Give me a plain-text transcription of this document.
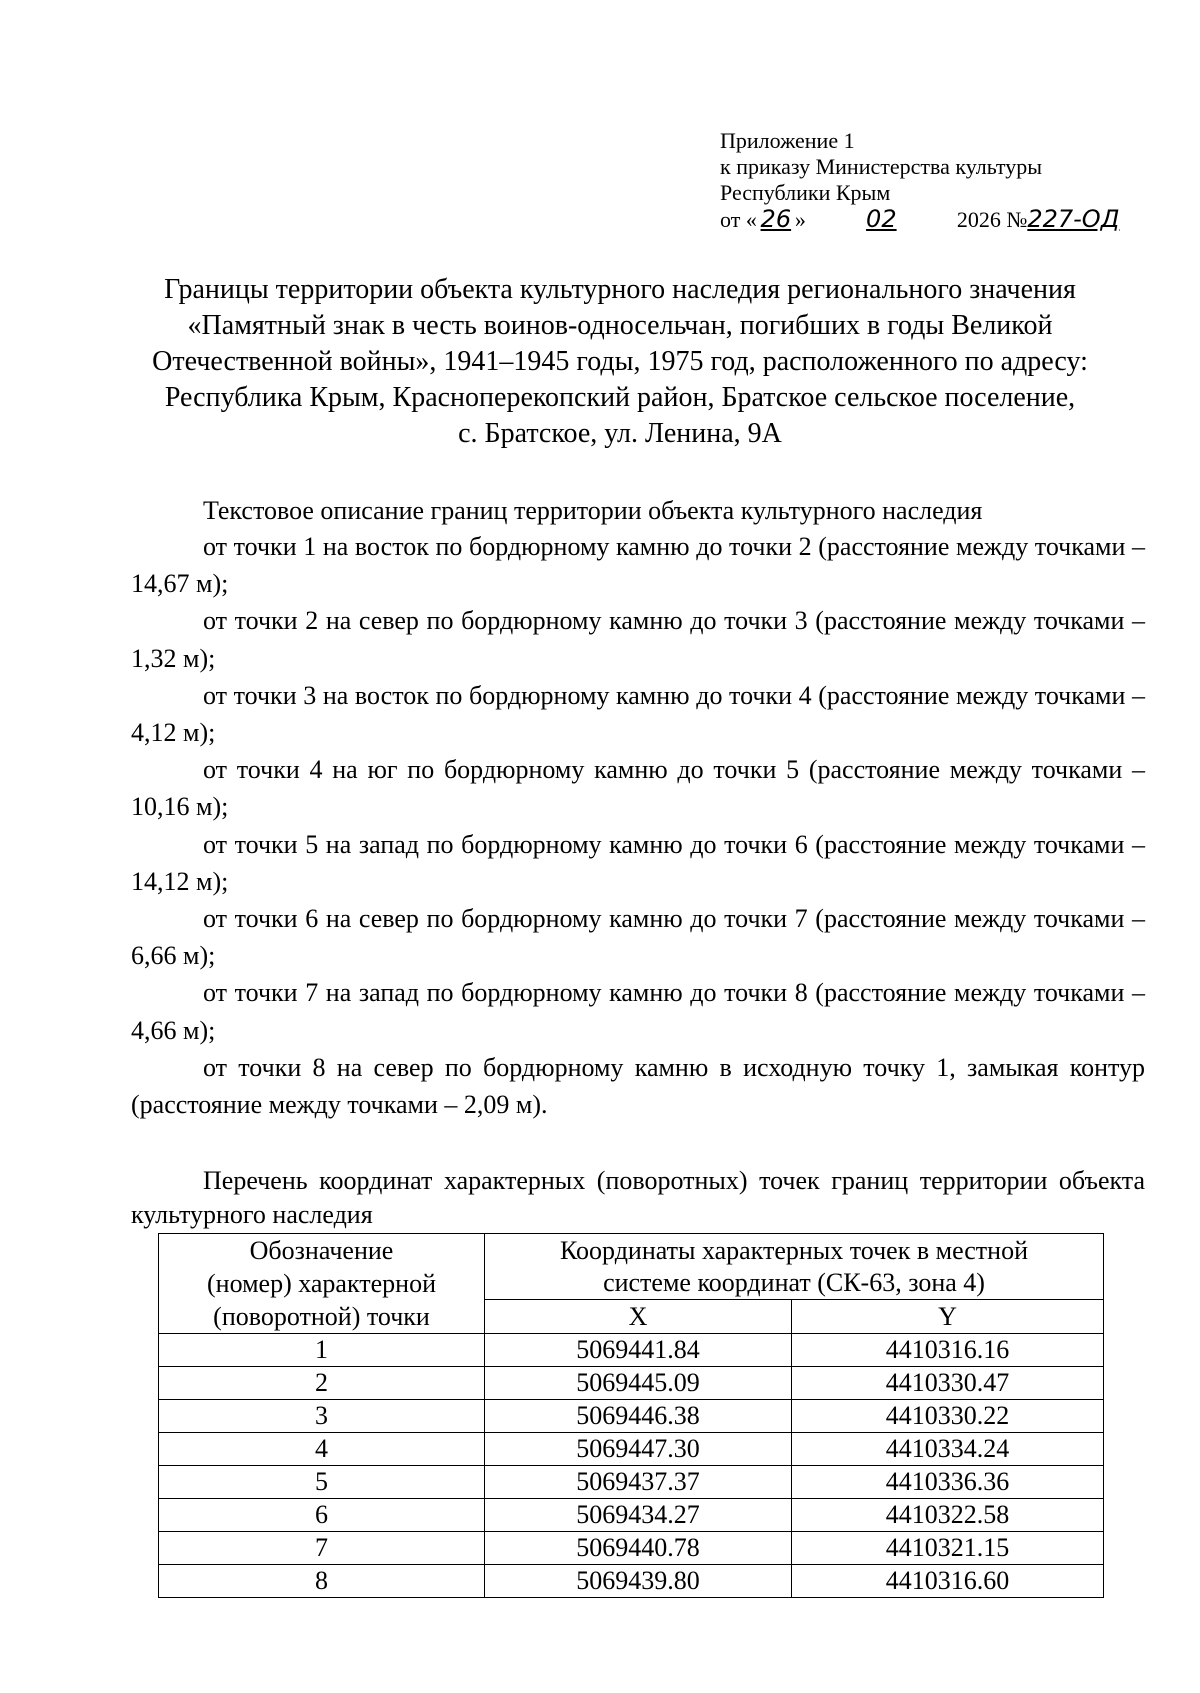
Приложение 1
к приказу Министерства культуры
Республики Крым
от « 26 »	02	2026 №227-ОД
Границы территории объекта культурного наследия регионального значения
«Памятный знак в честь воинов-односельчан, погибших в годы Великой
Отечественной войны», 1941–1945 годы, 1975 год, расположенного по адресу:
Республика Крым, Красноперекопский район, Братское сельское поселение,
с. Братское, ул. Ленина, 9А
Текстовое описание границ территории объекта культурного наследия

от точки 1 на восток по бордюрному камню до точки 2 (расстояние между точками – 14,67 м);

от точки 2 на север по бордюрному камню до точки 3 (расстояние между точками – 1,32 м);

от точки 3 на восток по бордюрному камню до точки 4 (расстояние между точками – 4,12 м);

от точки 4 на юг по бордюрному камню до точки 5 (расстояние между точками – 10,16 м);

от точки 5 на запад по бордюрному камню до точки 6 (расстояние между точками – 14,12 м);

от точки 6 на север по бордюрному камню до точки 7 (расстояние между точками – 6,66 м);

от точки 7 на запад по бордюрному камню до точки 8 (расстояние между точками – 4,66 м);

от точки 8 на север по бордюрному камню в исходную точку 1, замыкая контур (расстояние между точками – 2,09 м).

Перечень координат характерных (поворотных) точек границ территории объекта культурного наследия
Обозначение
(номер) характерной
(поворотной) точки	Координаты характерных точек в местной
системе координат (СК-63, зона 4)	

	X	Y
1	5069441.84	4410316.16
2	5069445.09	4410330.47
3	5069446.38	4410330.22
4	5069447.30	4410334.24
5	5069437.37	4410336.36
6	5069434.27	4410322.58
7	5069440.78	4410321.15
8	5069439.80	4410316.60
